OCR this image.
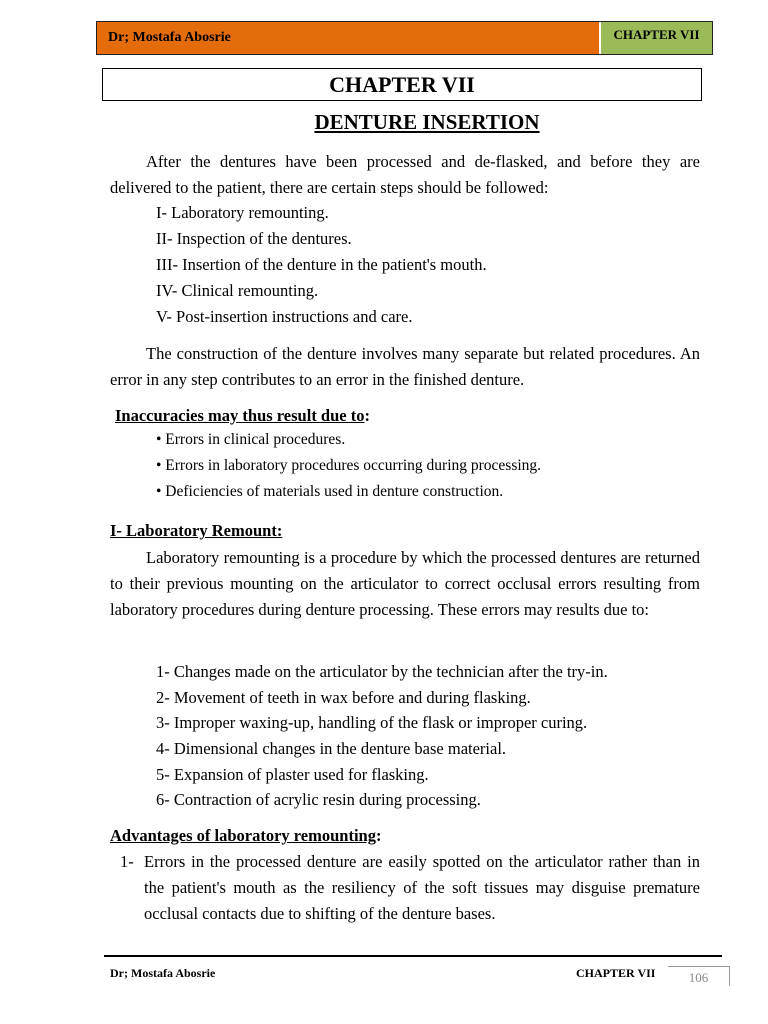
Dr; Mostafa Abosrie	CHAPTER VII
CHAPTER VII
DENTURE INSERTION

After the dentures have been processed and de-flasked, and before they are delivered to the patient, there are certain steps should be followed:

I- Laboratory remounting.
II- Inspection of the dentures.
III- Insertion of the denture in the patient's mouth.
IV- Clinical remounting.
V- Post-insertion instructions and care.

The construction of the denture involves many separate but related procedures. An error in any step contributes to an error in the finished denture.

Inaccuracies may thus result due to:
• Errors in clinical procedures.
• Errors in laboratory procedures occurring during processing.
• Deficiencies of materials used in denture construction.
I- Laboratory Remount:

Laboratory remounting is a procedure by which the processed dentures are returned to their previous mounting on the articulator to correct occlusal errors resulting from laboratory procedures during denture processing. These errors may results due to:

1- Changes made on the articulator by the technician after the try-in.
2- Movement of teeth in wax before and during flasking.
3- Improper waxing-up, handling of the flask or improper curing.
4- Dimensional changes in the denture base material.
5- Expansion of plaster used for flasking.
6- Contraction of acrylic resin during processing.
Advantages of laboratory remounting:
1- Errors in the processed denture are easily spotted on the articulator rather than in the patient's mouth as the resiliency of the soft tissues may disguise premature occlusal contacts due to shifting of the denture bases.

Dr; Mostafa Abosrie	CHAPTER VII	106
